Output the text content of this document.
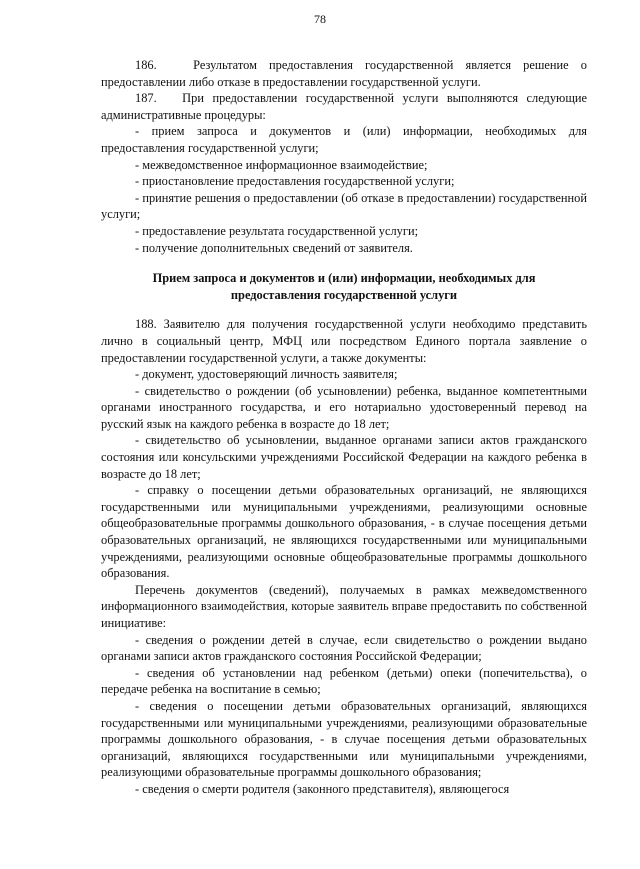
78

186.   Результатом предоставления государственной является решение о предоставлении либо отказе в предоставлении государственной услуги.

187.   При предоставлении государственной услуги выполняются следующие административные процедуры:

- прием запроса и документов и (или) информации, необходимых для предоставления государственной услуги;

- межведомственное информационное взаимодействие;

- приостановление предоставления государственной услуги;

- принятие решения о предоставлении (об отказе в предоставлении) государственной услуги;

- предоставление результата государственной услуги;

- получение дополнительных сведений от заявителя.

Прием запроса и документов и (или) информации, необходимых для
предоставления государственной услуги

188. Заявителю для получения государственной услуги необходимо представить лично в социальный центр, МФЦ или посредством Единого портала заявление о предоставлении государственной услуги, а также документы:

- документ, удостоверяющий личность заявителя;

- свидетельство о рождении (об усыновлении) ребенка, выданное компетентными органами иностранного государства, и его нотариально удостоверенный перевод на русский язык на каждого ребенка в возрасте до 18 лет;

- свидетельство об усыновлении, выданное органами записи актов гражданского состояния или консульскими учреждениями Российской Федерации на каждого ребенка в возрасте до 18 лет;

- справку о посещении детьми образовательных организаций, не являющихся государственными или муниципальными учреждениями, реализующими основные общеобразовательные программы дошкольного образования, - в случае посещения детьми образовательных организаций, не являющихся государственными или муниципальными учреждениями, реализующими основные общеобразовательные программы дошкольного образования.

Перечень документов (сведений), получаемых в рамках межведомственного информационного взаимодействия, которые заявитель вправе предоставить по собственной инициативе:

- сведения о рождении детей в случае, если свидетельство о рождении выдано органами записи актов гражданского состояния Российской Федерации;

- сведения об установлении над ребенком (детьми) опеки (попечительства), о передаче ребенка на воспитание в семью;

- сведения о посещении детьми образовательных организаций, являющихся государственными или муниципальными учреждениями, реализующими образовательные программы дошкольного образования, - в случае посещения детьми образовательных организаций, являющихся государственными или муниципальными учреждениями, реализующими образовательные программы дошкольного образования;

- сведения о смерти родителя (законного представителя), являющегося
